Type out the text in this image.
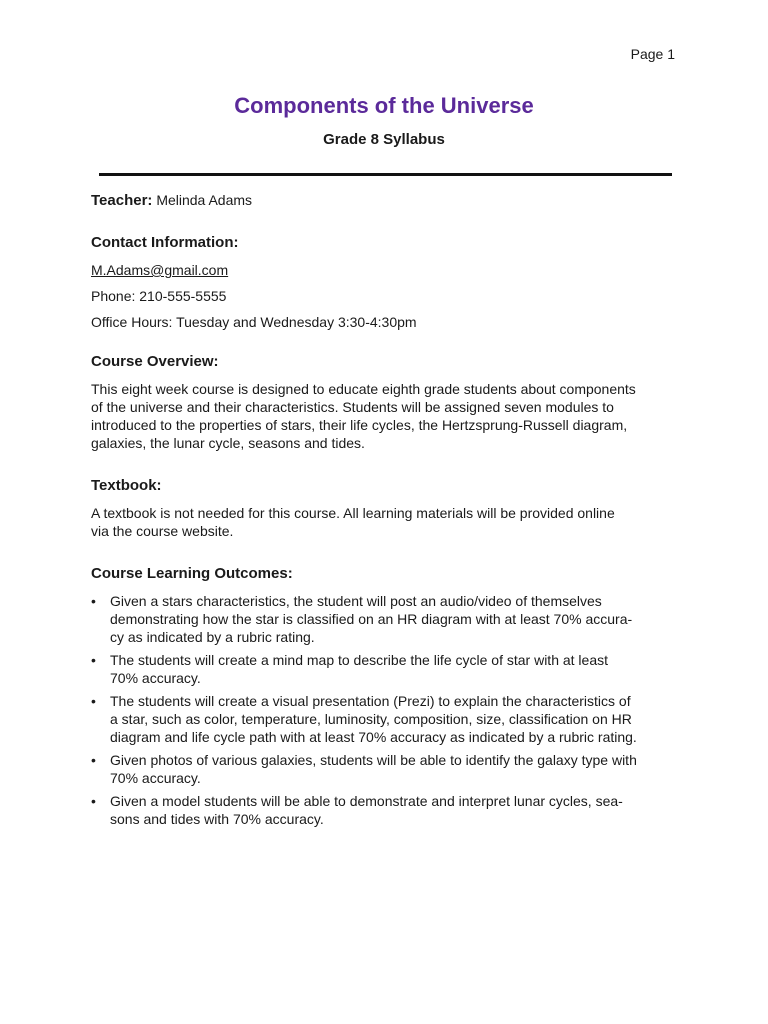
Page 1
Components of the Universe
Grade 8 Syllabus
Teacher: Melinda Adams
Contact Information:
M.Adams@gmail.com
Phone: 210-555-5555
Office Hours: Tuesday and Wednesday 3:30-4:30pm
Course Overview:
This eight week course is designed to educate eighth grade students about components
of the universe and their characteristics. Students will be assigned seven modules to
introduced to the properties of stars, their life cycles, the Hertzsprung-Russell diagram,
galaxies, the lunar cycle, seasons and tides.
Textbook:
A textbook is not needed for this course. All learning materials will be provided online
via the course website.
Course Learning Outcomes:
• Given a stars characteristics, the student will post an audio/video of themselves
demonstrating how the star is classified on an HR diagram with at least 70% accura-
cy as indicated by a rubric rating.
• The students will create a mind map to describe the life cycle of star with at least
70% accuracy.
• The students will create a visual presentation (Prezi) to explain the characteristics of
a star, such as color, temperature, luminosity, composition, size, classification on HR
diagram and life cycle path with at least 70% accuracy as indicated by a rubric rating.
• Given photos of various galaxies, students will be able to identify the galaxy type with
70% accuracy.
• Given a model students will be able to demonstrate and interpret lunar cycles, sea-
sons and tides with 70% accuracy.
